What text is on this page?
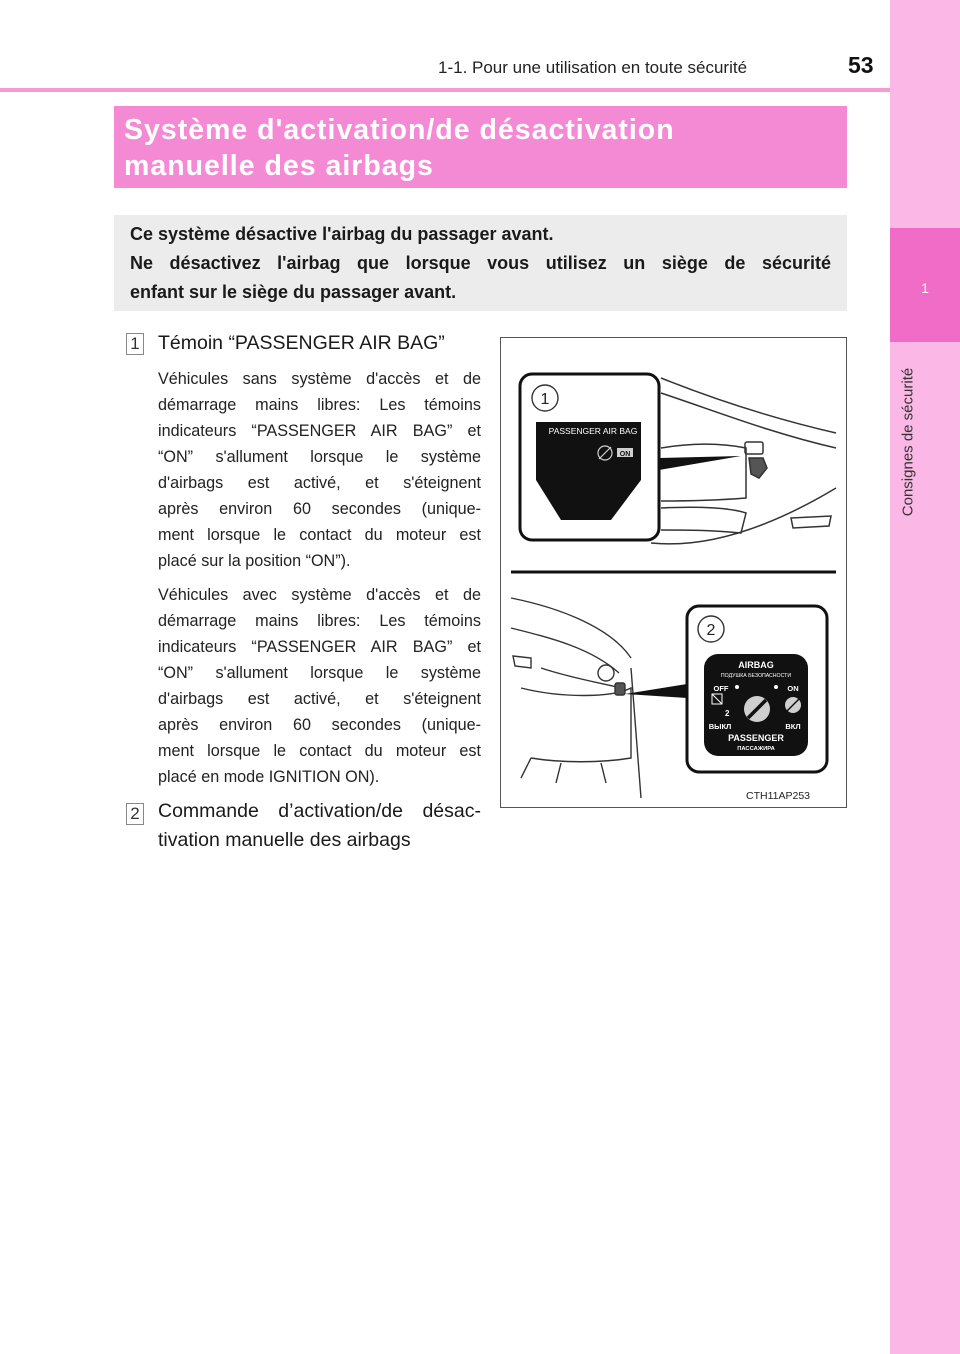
1-1. Pour une utilisation en toute sécurité	53
1
Consignes de sécurité
Système d'activation/de désactivation
manuelle des airbags
Ce système désactive l'airbag du passager avant.
Ne désactivez l'airbag que lorsque vous utilisez un siège de sécurité
enfant sur le siège du passager avant.
1 Témoin “PASSENGER AIR BAG”
Véhicules sans système d'accès et de
démarrage mains libres: Les témoins
indicateurs “PASSENGER AIR BAG” et
“ON” s'allument lorsque le système
d'airbags est activé, et s'éteignent
après environ 60 secondes (unique-
ment lorsque le contact du moteur est
placé sur la position “ON”).
Véhicules avec système d'accès et de
démarrage mains libres: Les témoins
indicateurs “PASSENGER AIR BAG” et
“ON” s'allument lorsque le système
d'airbags est activé, et s'éteignent
après environ 60 secondes (unique-
ment lorsque le contact du moteur est
placé en mode IGNITION ON).
2 Commande d’activation/de désac-
tivation manuelle des airbags
1
PASSENGER AIR BAG
ON
2
AIRBAG
ПОДУШКА БЕЗОПАСНОСТИ
OFF	ON
2
ВЫКЛ	ВКЛ
PASSENGER
ПАССАЖИРА
CTH11AP253
